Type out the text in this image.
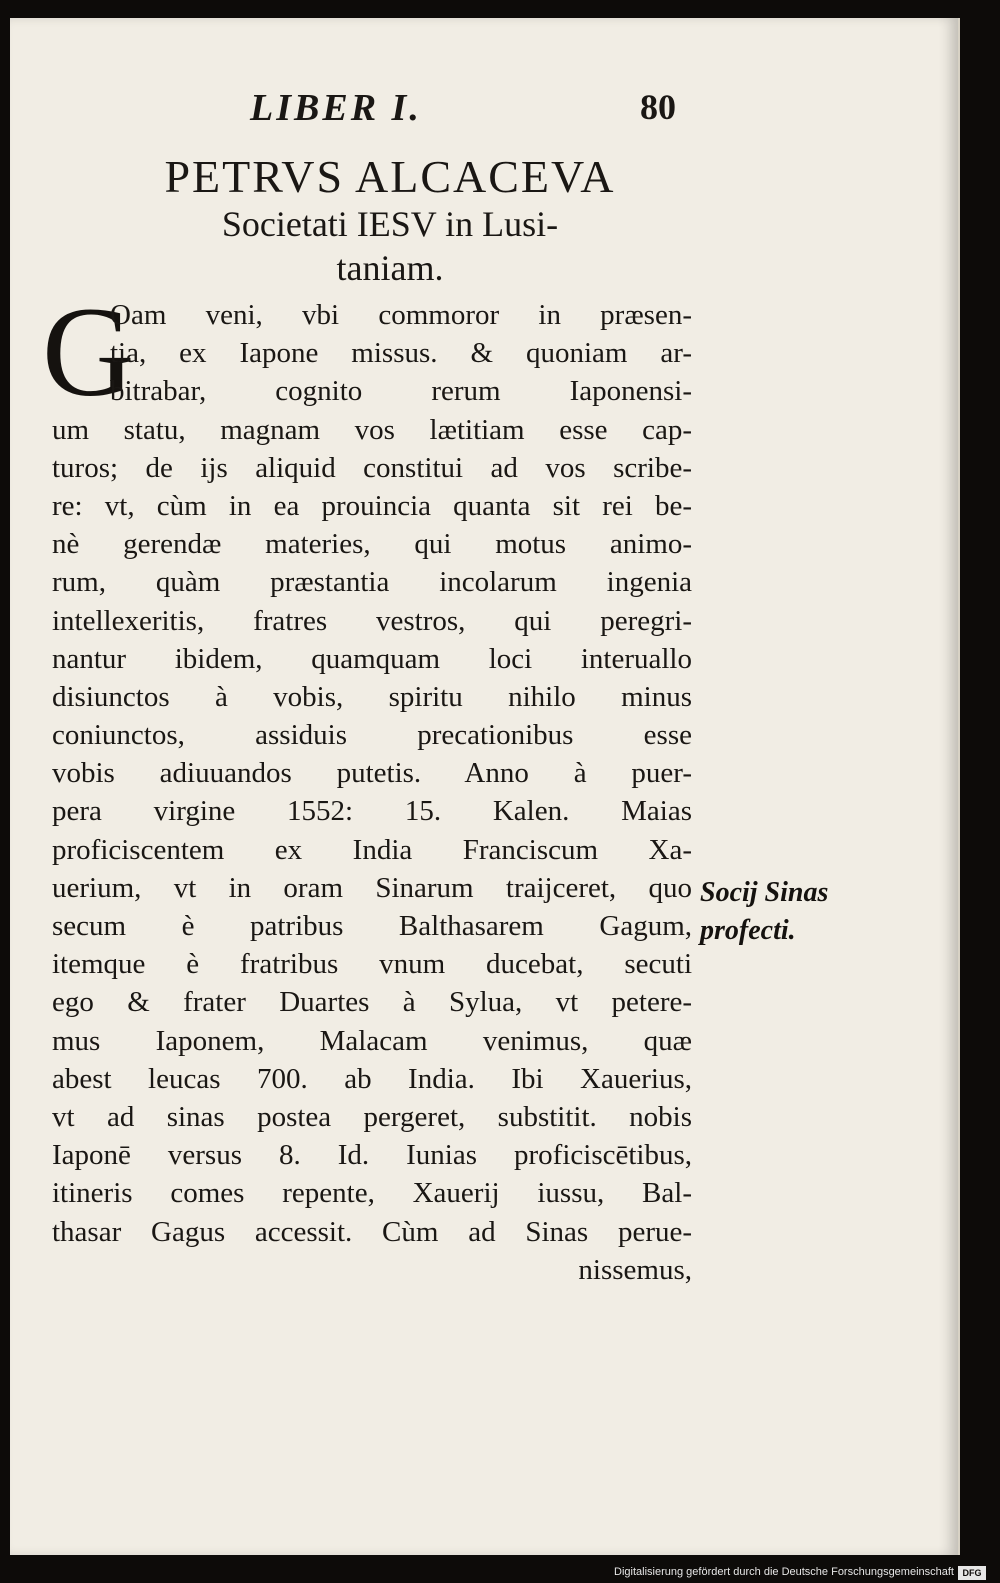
LIBER I.	80
PETRVS ALCACEVA
Societati IESV in Lusi-
taniam.
G
Oam veni, vbi commoror in præsen-
tia, ex Iapone missus. & quoniam ar-
bitrabar, cognito rerum Iaponensi-
um statu, magnam vos lætitiam esse cap-
turos; de ijs aliquid constitui ad vos scribe-
re: vt, cùm in ea prouincia quanta sit rei be-
nè gerendæ materies, qui motus animo-
rum, quàm præstantia incolarum ingenia
intellexeritis, fratres vestros, qui peregri-
nantur ibidem, quamquam loci interuallo
disiunctos à vobis, spiritu nihilo minus
coniunctos, assiduis precationibus esse
vobis adiuuandos putetis. Anno à puer-
pera virgine 1552: 15. Kalen. Maias
proficiscentem ex India Franciscum Xa-
uerium, vt in oram Sinarum traijceret, quo
secum è patribus Balthasarem Gagum,
itemque è fratribus vnum ducebat, secuti
ego & frater Duartes à Sylua, vt petere-
mus Iaponem, Malacam venimus, quæ
abest leucas 700. ab India. Ibi Xauerius,
vt ad sinas postea pergeret, substitit. nobis
Iaponē versus 8. Id. Iunias proficiscētibus,
itineris comes repente, Xauerij iussu, Bal-
thasar Gagus accessit. Cùm ad Sinas perue-
nissemus,
Socij Sinas
profecti.
Digitalisierung gefördert durch die Deutsche Forschungsgemeinschaft DFG
